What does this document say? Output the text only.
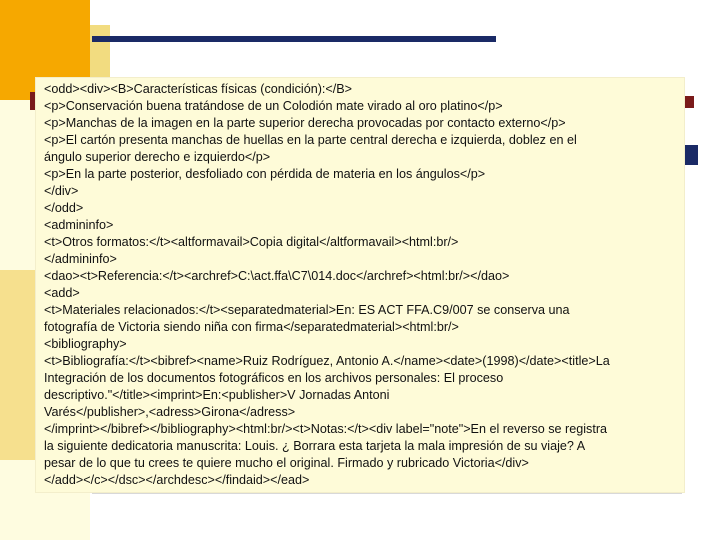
<odd><div><B>Características físicas (condición):</B>
<p>Conservación buena tratándose de un Colodión mate virado al oro platino</p>
<p>Manchas de la imagen en la parte superior derecha provocadas por contacto externo</p>
<p>El cartón presenta manchas de huellas en la parte central derecha e izquierda, doblez en el
ángulo superior derecho e izquierdo</p>
<p>En la parte posterior, desfoliado con pérdida de materia en los ángulos</p>
</div>
</odd>
<admininfo>
<t>Otros formatos:</t><altformavail>Copia digital</altformavail><html:br/>
</admininfo>
<dao><t>Referencia:</t><archref>C:\act.ffa\C7\014.doc</archref><html:br/></dao>
<add>
<t>Materiales relacionados:</t><separatedmaterial>En: ES ACT FFA.C9/007 se conserva una
fotografía de Victoria siendo niña con firma</separatedmaterial><html:br/>
<bibliography>
<t>Bibliografía:</t><bibref><name>Ruiz Rodríguez, Antonio A.</name><date>(1998)</date><title>La
Integración de los documentos fotográficos en los archivos personales: El proceso
descriptivo."</title><imprint>En:<publisher>V Jornadas Antoni
Varés</publisher>,<adress>Girona</adress>
</imprint></bibref></bibliography><html:br/><t>Notas:</t><div label="note">En el reverso se registra
la siguiente dedicatoria manuscrita: Louis. ¿ Borrara esta tarjeta la mala impresión de su viaje? A
pesar de lo que tu crees te quiere mucho el original. Firmado y rubricado Victoria</div>
</add></c></dsc></archdesc></findaid></ead>
